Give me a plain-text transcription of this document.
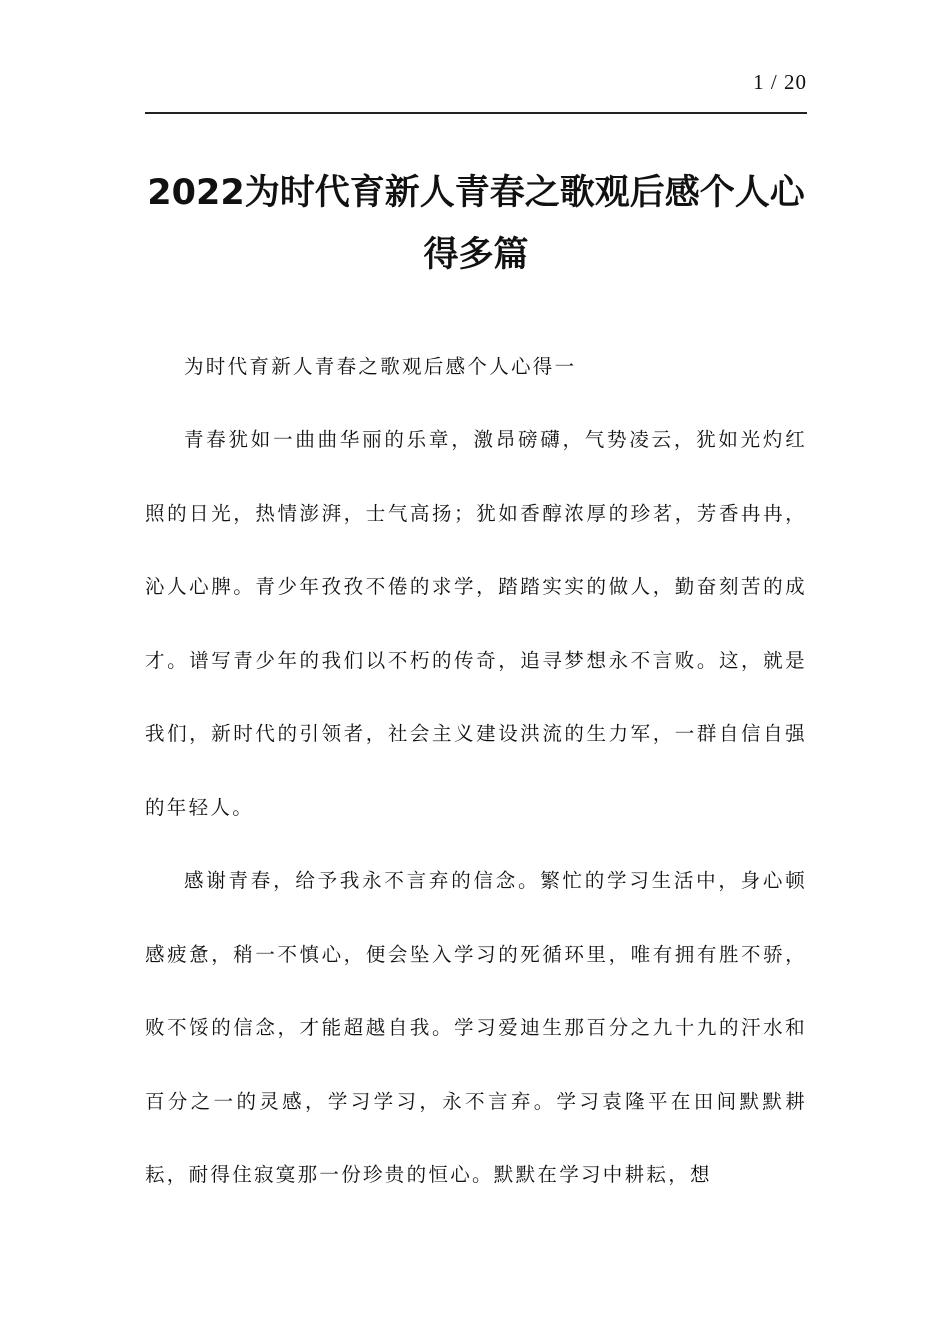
1 / 20
2022为时代育新人青春之歌观后感个人心得多篇

为时代育新人青春之歌观后感个人心得一

青春犹如一曲曲华丽的乐章，激昂磅礴，气势凌云，犹如光灼红照的日光，热情澎湃，士气高扬；犹如香醇浓厚的珍茗，芳香冉冉，沁人心脾。青少年孜孜不倦的求学，踏踏实实的做人，勤奋刻苦的成才。谱写青少年的我们以不朽的传奇，追寻梦想永不言败。这，就是我们，新时代的引领者，社会主义建设洪流的生力军，一群自信自强的年轻人。

感谢青春，给予我永不言弃的信念。繁忙的学习生活中，身心顿感疲惫，稍一不慎心，便会坠入学习的死循环里，唯有拥有胜不骄，败不馁的信念，才能超越自我。学习爱迪生那百分之九十九的汗水和百分之一的灵感，学习学习，永不言弃。学习袁隆平在田间默默耕耘，耐得住寂寞那一份珍贵的恒心。默默在学习中耕耘，想
